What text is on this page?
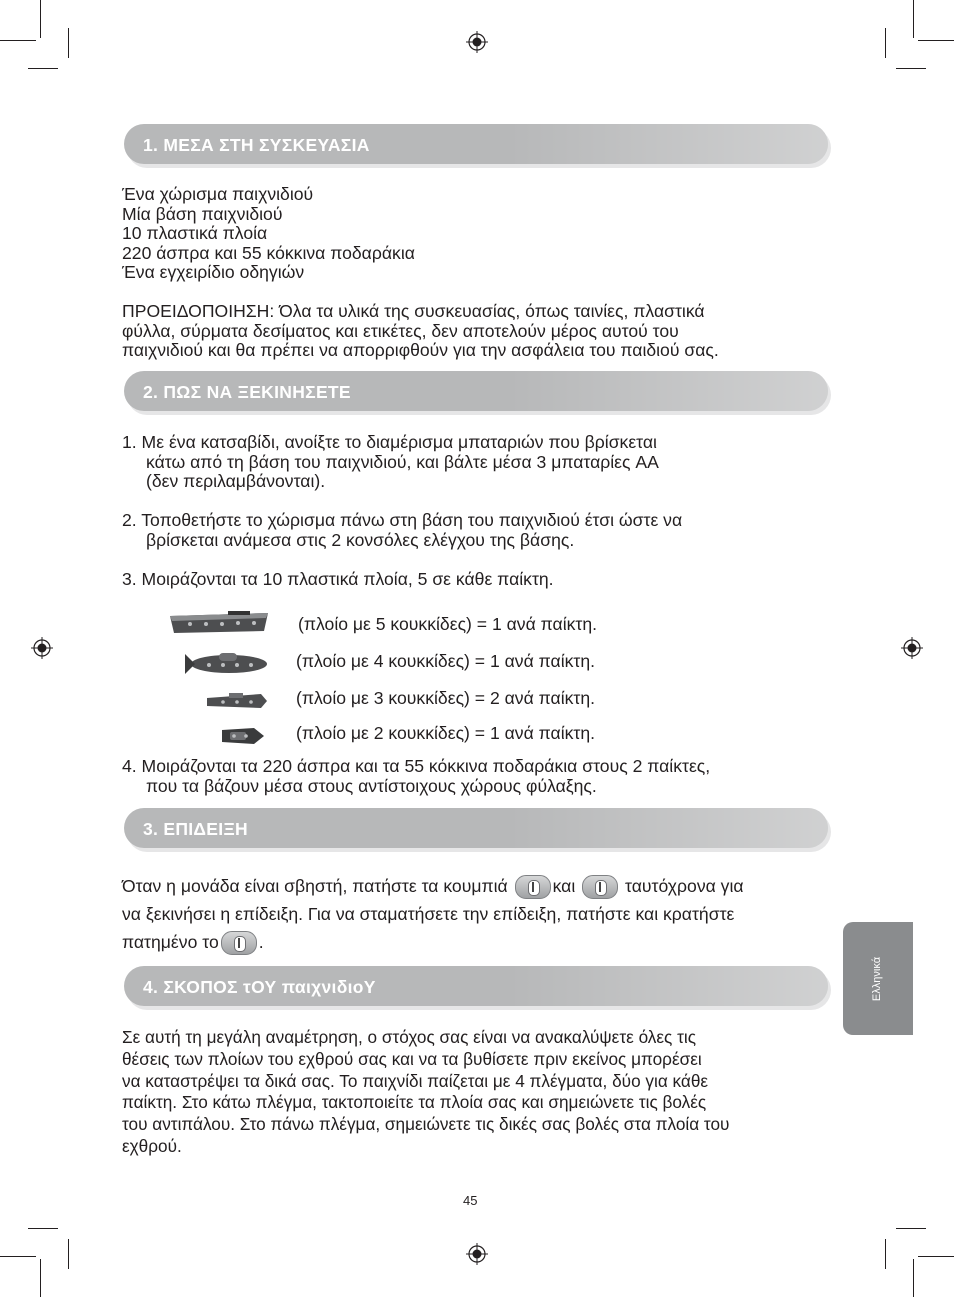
1. ΜΕΣΑ ΣΤΗ ΣΥΣΚΕΥΑΣΙΑ
Ένα χώρισμα παιχνιδιού
Μία βάση παιχνιδιού
10 πλαστικά πλοία
220 άσπρα και 55 κόκκινα ποδαράκια
Ένα εγχειρίδιο οδηγιών
ΠΡΟΕΙΔΟΠΟΙΗΣΗ: Όλα τα υλικά της συσκευασίας, όπως ταινίες, πλαστικά
φύλλα, σύρματα δεσίματος και ετικέτες, δεν αποτελούν μέρος αυτού του
παιχνιδιού και θα πρέπει να απορριφθούν για την ασφάλεια του παιδιού σας.
2. ΠΩΣ ΝΑ ΞΕΚΙΝΗΣΕΤΕ
1. Με ένα κατσαβίδι, ανοίξτε το διαμέρισμα μπαταριών που βρίσκεται
κάτω από τη βάση του παιχνιδιού, και βάλτε μέσα 3 μπαταρίες AA
(δεν περιλαμβάνονται).
2. Τοποθετήστε το χώρισμα πάνω στη βάση του παιχνιδιού έτσι ώστε να
βρίσκεται ανάμεσα στις 2 κονσόλες ελέγχου της βάσης.
3. Μοιράζονται τα 10 πλαστικά πλοία, 5 σε κάθε παίκτη.
(πλοίο με 5 κουκκίδες) = 1 ανά παίκτη.
(πλοίο με 4 κουκκίδες) = 1 ανά παίκτη.
(πλοίο με 3 κουκκίδες) = 2 ανά παίκτη.
(πλοίο με 2 κουκκίδες) = 1 ανά παίκτη.
4. Μοιράζονται τα 220 άσπρα και τα 55 κόκκινα ποδαράκια στους 2 παίκτες,
που τα βάζουν μέσα στους αντίστοιχους χώρους φύλαξης.
3. ΕΠΙΔΕΙΞΗ
Όταν η μονάδα είναι σβηστή, πατήστε τα κουμπιά	και	ταυτόχρονα για
να ξεκινήσει η επίδειξη. Για να σταματήσετε την επίδειξη, πατήστε και κρατήστε
πατημένο το .
4. ΣΚΟΠΟΣ τΟΥ παιχνιδιοΥ
Σε αυτή τη μεγάλη αναμέτρηση, ο στόχος σας είναι να ανακαλύψετε όλες τις
θέσεις των πλοίων του εχθρού σας και να τα βυθίσετε πριν εκείνος μπορέσει
να καταστρέψει τα δικά σας. Το παιχνίδι παίζεται με 4 πλέγματα, δύο για κάθε
παίκτη. Στο κάτω πλέγμα, τακτοποιείτε τα πλοία σας και σημειώνετε τις βολές
του αντιπάλου. Στο πάνω πλέγμα, σημειώνετε τις δικές σας βολές στα πλοία του
εχθρού.
Ελληνικά
45
